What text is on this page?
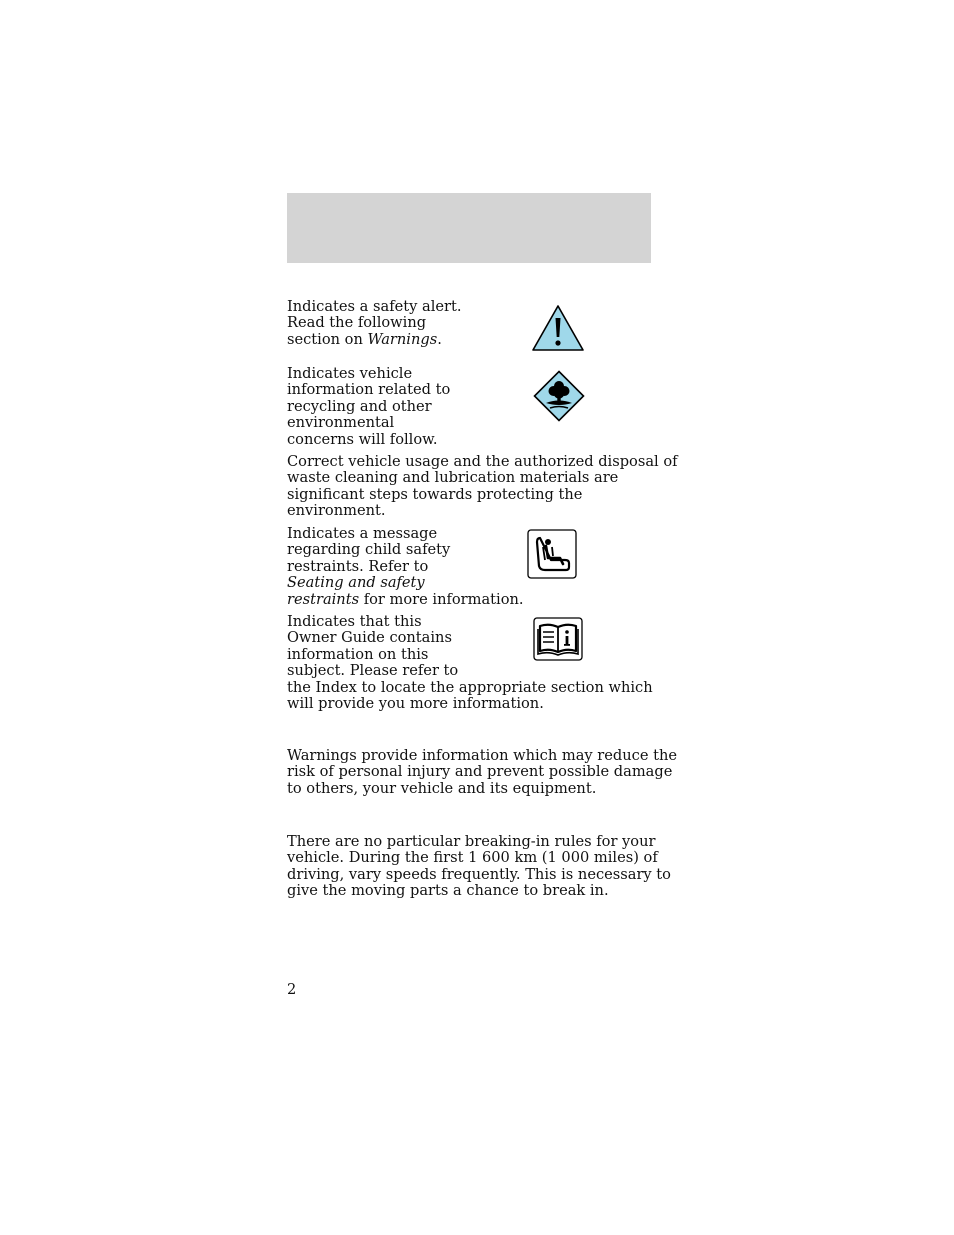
Indicates a safety alert.
Read the following
section on Warnings.
Indicates vehicle
information related to
recycling and other
environmental
concerns will follow.
Correct vehicle usage and the authorized disposal of
waste cleaning and lubrication materials are
significant steps towards protecting the
environment.
Indicates a message
regarding child safety
restraints. Refer to
Seating and safety
restraints for more information.
Indicates that this
Owner Guide contains
information on this
subject. Please refer to
the Index to locate the appropriate section which
will provide you more information.
Warnings provide information which may reduce the
risk of personal injury and prevent possible damage
to others, your vehicle and its equipment.
There are no particular breaking-in rules for your
vehicle. During the first 1 600 km (1 000 miles) of
driving, vary speeds frequently. This is necessary to
give the moving parts a chance to break in.
2
